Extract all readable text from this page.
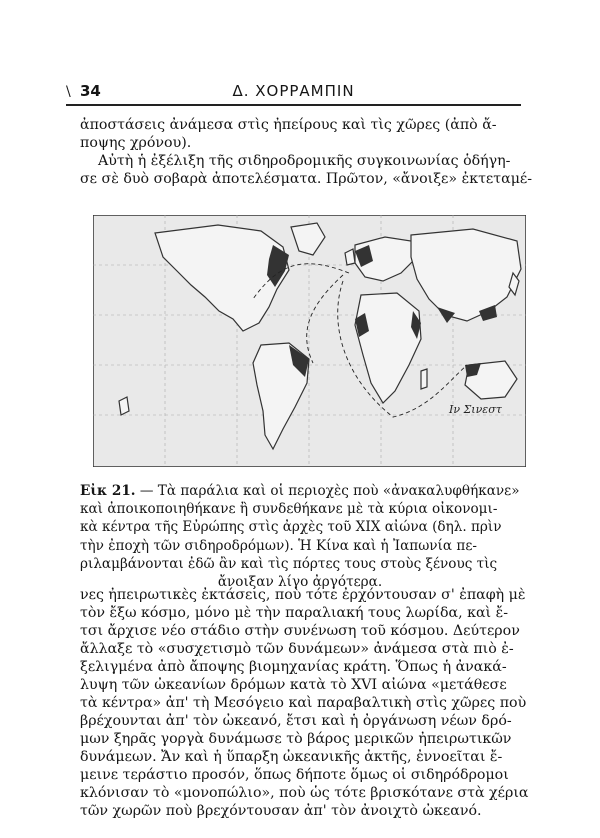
\ 34	Δ. ΧΟΡΡΑΜΠΙΝ
ἀποστάσεις ἀνάμεσα στὶς ἠπείρους καὶ τὶς χῶρες (ἀπὸ ἄ-
ποψης χρόνου).
Αὐτὴ ἡ ἐξέλιξη τῆς σιδηροδρομικῆς συγκοινωνίας ὁδήγη-
σε σὲ δυὸ σοβαρὰ ἀποτελέσματα. Πρῶτον, «ἄνοιξε» ἐκτεταμέ-
Ιν Σινεστ
Εἰκ 21. — Τὰ παράλια καὶ οἱ περιοχὲς ποὺ «ἀνακαλυφθήκανε»
καὶ ἀποικοποιηθήκανε ἢ συνδεθήκανε μὲ τὰ κύρια οἰκονομι-
κὰ κέντρα τῆς Εὐρώπης στὶς ἀρχὲς τοῦ XIX αἰώνα (δηλ. πρὶν
τὴν ἐποχὴ τῶν σιδηροδρόμων). Ἡ Κίνα καὶ ἡ Ἰαπωνία πε-
ριλαμβάνονται ἐδῶ ἂν καὶ τὶς πόρτες τους στοὺς ξένους τὶς
ἄνοιξαν λίγο ἀργότερα.
νες ἠπειρωτικὲς ἐκτάσεις, ποὺ τότε ἐρχόντουσαν σ' ἐπαφὴ μὲ
τὸν ἔξω κόσμο, μόνο μὲ τὴν παραλιακή τους λωρίδα, καὶ ἔ-
τσι ἄρχισε νέο στάδιο στὴν συνένωση τοῦ κόσμου. Δεύτερον
ἄλλαξε τὸ «συσχετισμὸ τῶν δυνάμεων» ἀνάμεσα στὰ πιὸ ἐ-
ξελιγμένα ἀπὸ ἄποψης βιομηχανίας κράτη. Ὅπως ἡ ἀνακά-
λυψη τῶν ὠκεανίων δρόμων κατὰ τὸ XVI αἰώνα «μετάθεσε
τὰ κέντρα» ἀπ' τὴ Μεσόγειο καὶ παραβαλτικὴ στὶς χῶρες ποὺ
βρέχουνται ἀπ' τὸν ὠκεανό, ἔτσι καὶ ἡ ὀργάνωση νέων δρό-
μων ξηρᾶς γοργὰ δυνάμωσε τὸ βάρος μερικῶν ἠπειρωτικῶν
δυνάμεων. Ἄν καὶ ἡ ὕπαρξη ὠκεανικῆς ἀκτῆς, ἐννοεῖται ἔ-
μεινε τεράστιο προσόν, ὅπως δήποτε ὅμως οἱ σιδηρόδρομοι
κλόνισαν τὸ «μονοπώλιο», ποὺ ὡς τότε βρισκότανε στὰ χέρια
τῶν χωρῶν ποὺ βρεχόντουσαν ἀπ' τὸν ἀνοιχτὸ ὠκεανό.
